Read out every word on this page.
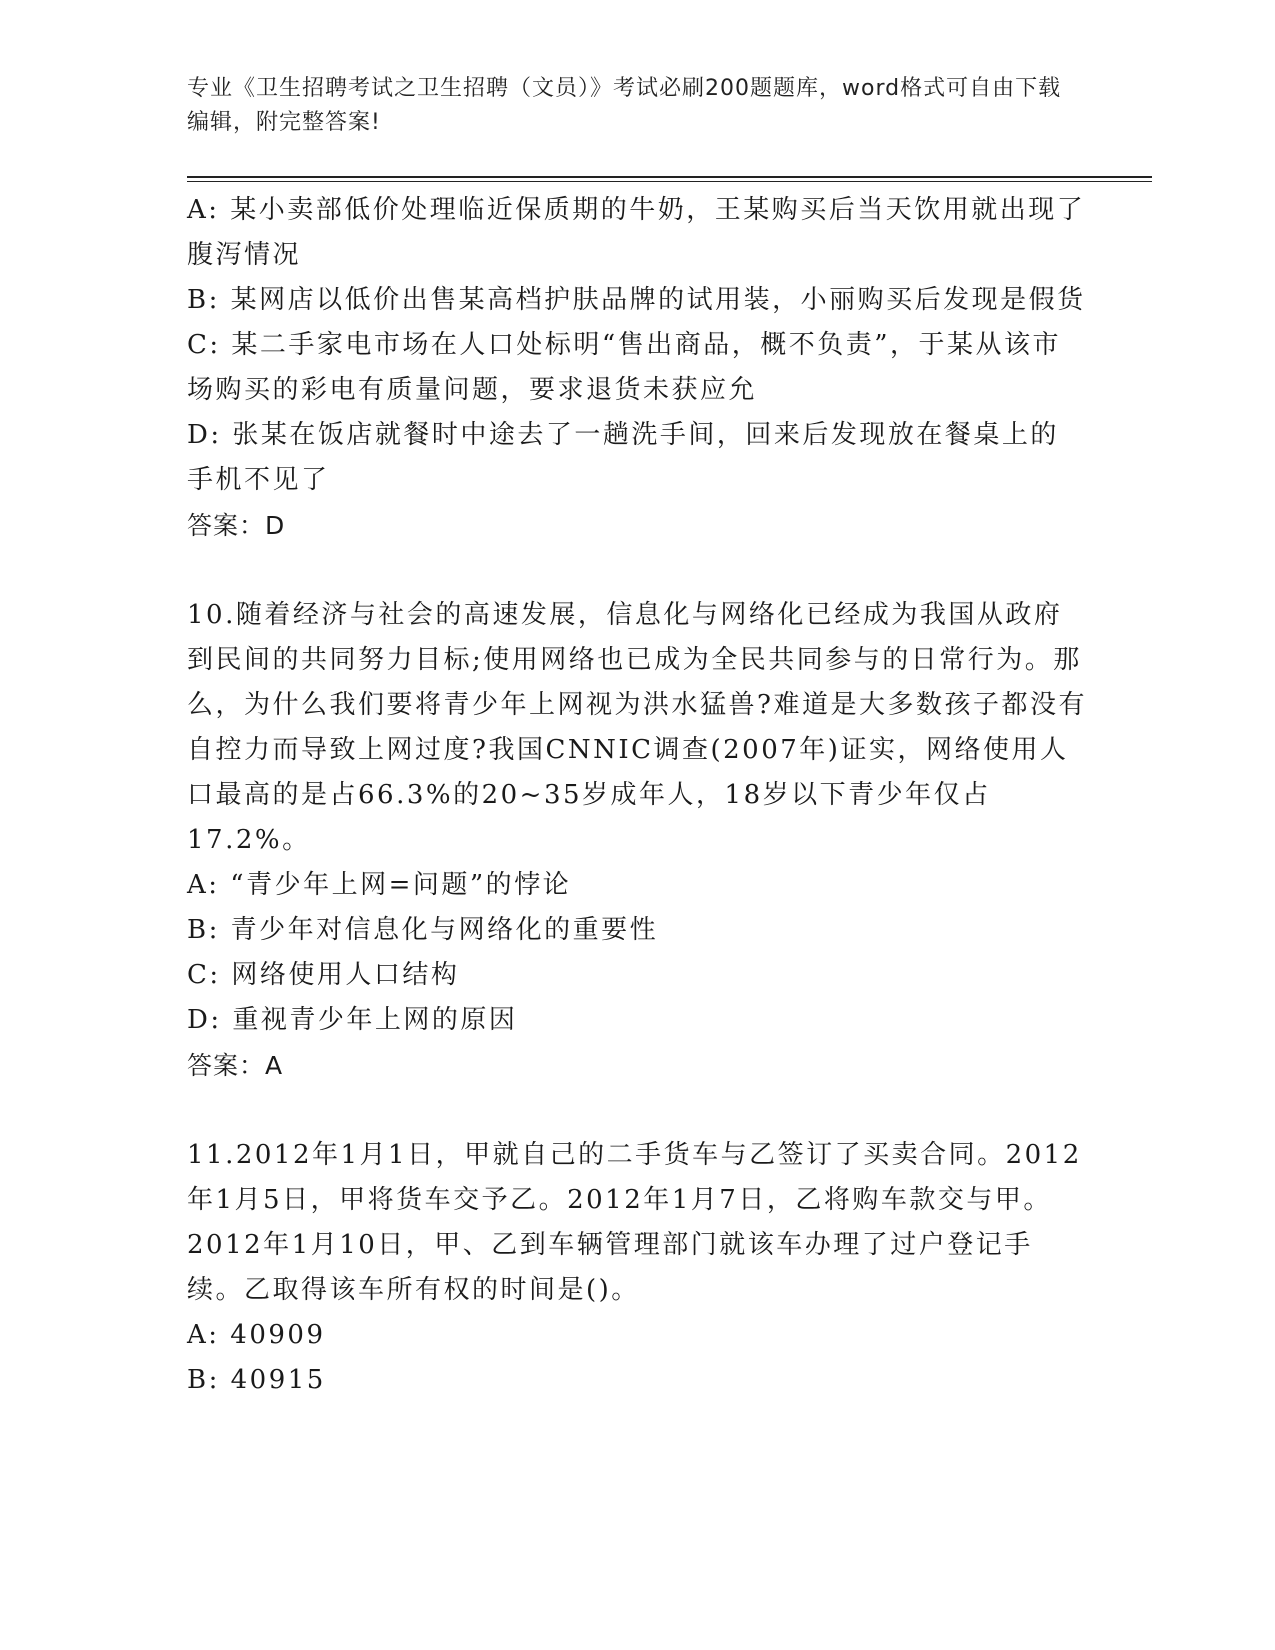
专业《卫生招聘考试之卫生招聘（文员）》考试必刷200题题库，word格式可自由下载编辑，附完整答案!

A: 某小卖部低价处理临近保质期的牛奶，王某购买后当天饮用就出现了腹泻情况

B: 某网店以低价出售某高档护肤品牌的试用装，小丽购买后发现是假货

C: 某二手家电市场在人口处标明“售出商品，概不负责”，于某从该市场购买的彩电有质量问题，要求退货未获应允

D: 张某在饭店就餐时中途去了一趟洗手间，回来后发现放在餐桌上的手机不见了

答案：D

10.随着经济与社会的高速发展，信息化与网络化已经成为我国从政府到民间的共同努力目标;使用网络也已成为全民共同参与的日常行为。那么，为什么我们要将青少年上网视为洪水猛兽?难道是大多数孩子都没有自控力而导致上网过度?我国CNNIC调查(2007年)证实，网络使用人口最高的是占66.3%的20~35岁成年人，18岁以下青少年仅占17.2%。

A: “青少年上网=问题”的悖论

B: 青少年对信息化与网络化的重要性

C: 网络使用人口结构

D: 重视青少年上网的原因

答案：A

11.2012年1月1日，甲就自己的二手货车与乙签订了买卖合同。2012年1月5日，甲将货车交予乙。2012年1月7日，乙将购车款交与甲。2012年1月10日，甲、乙到车辆管理部门就该车办理了过户登记手续。乙取得该车所有权的时间是()。

A: 40909

B: 40915
